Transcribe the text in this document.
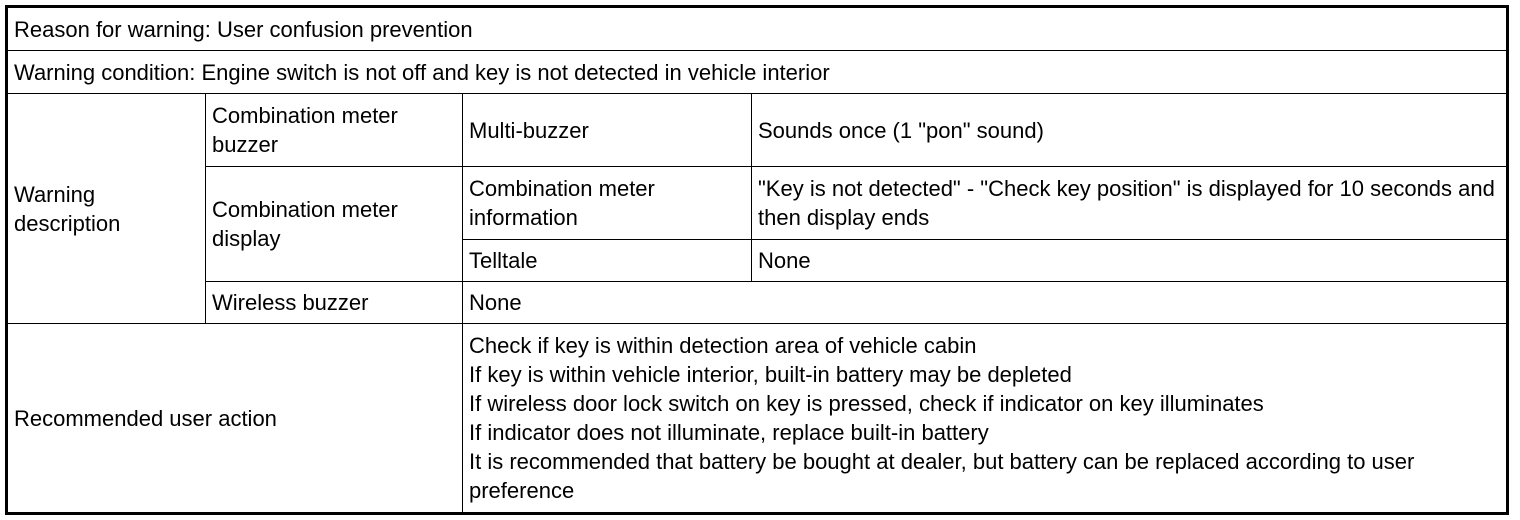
Reason for warning: User confusion prevention			
Warning condition: Engine switch is not off and key is not detected in vehicle interior			
Warning description	Combination meter buzzer	Multi-buzzer	Sounds once (1 "pon" sound)
	Combination meter display	Combination meter information	"Key is not detected" - "Check key position" is displayed for 10 seconds and then display ends
		Telltale	None
	Wireless buzzer	None	
Recommended user action		Check if key is within detection area of vehicle cabin
If key is within vehicle interior, built-in battery may be depleted
If wireless door lock switch on key is pressed, check if indicator on key illuminates
If indicator does not illuminate, replace built-in battery
It is recommended that battery be bought at dealer, but battery can be replaced according to user preference	
